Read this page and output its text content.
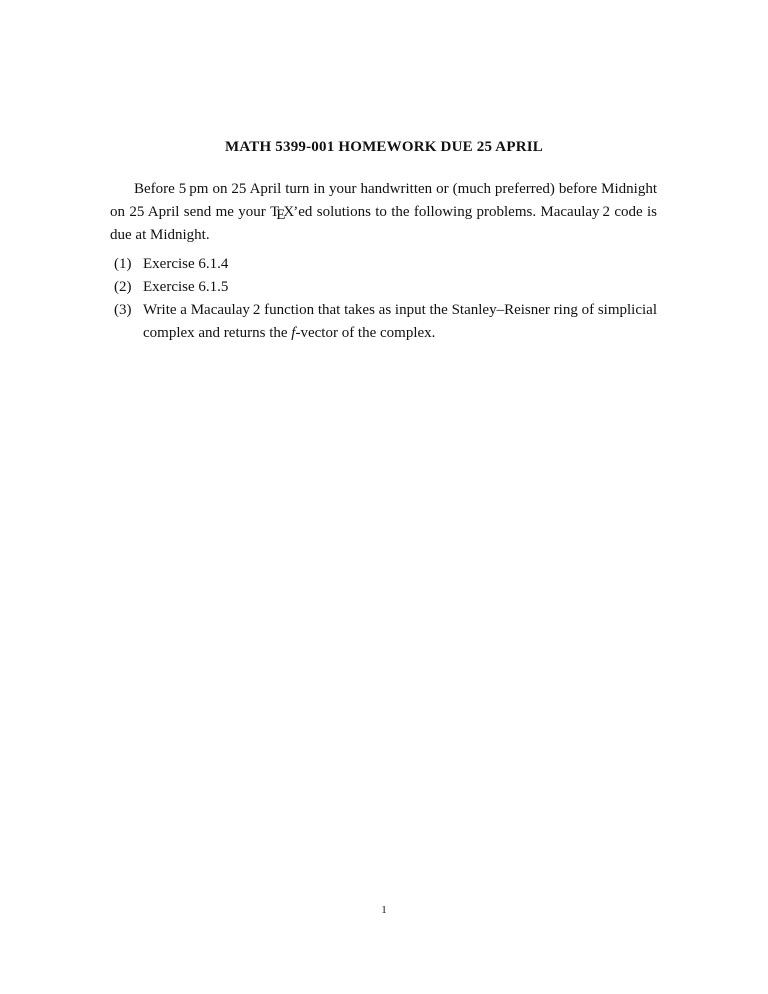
MATH 5399-001 HOMEWORK DUE 25 APRIL

Before 5 pm on 25 April turn in your handwritten or (much preferred) before Midnight on 25 April send me your TEX’ed solutions to the following problems. Macaulay 2 code is due at Midnight.

(1) Exercise 6.1.4
(2) Exercise 6.1.5
(3) Write a Macaulay 2 function that takes as input the Stanley–Reisner ring of simplicial complex and returns the f-vector of the complex.
1
